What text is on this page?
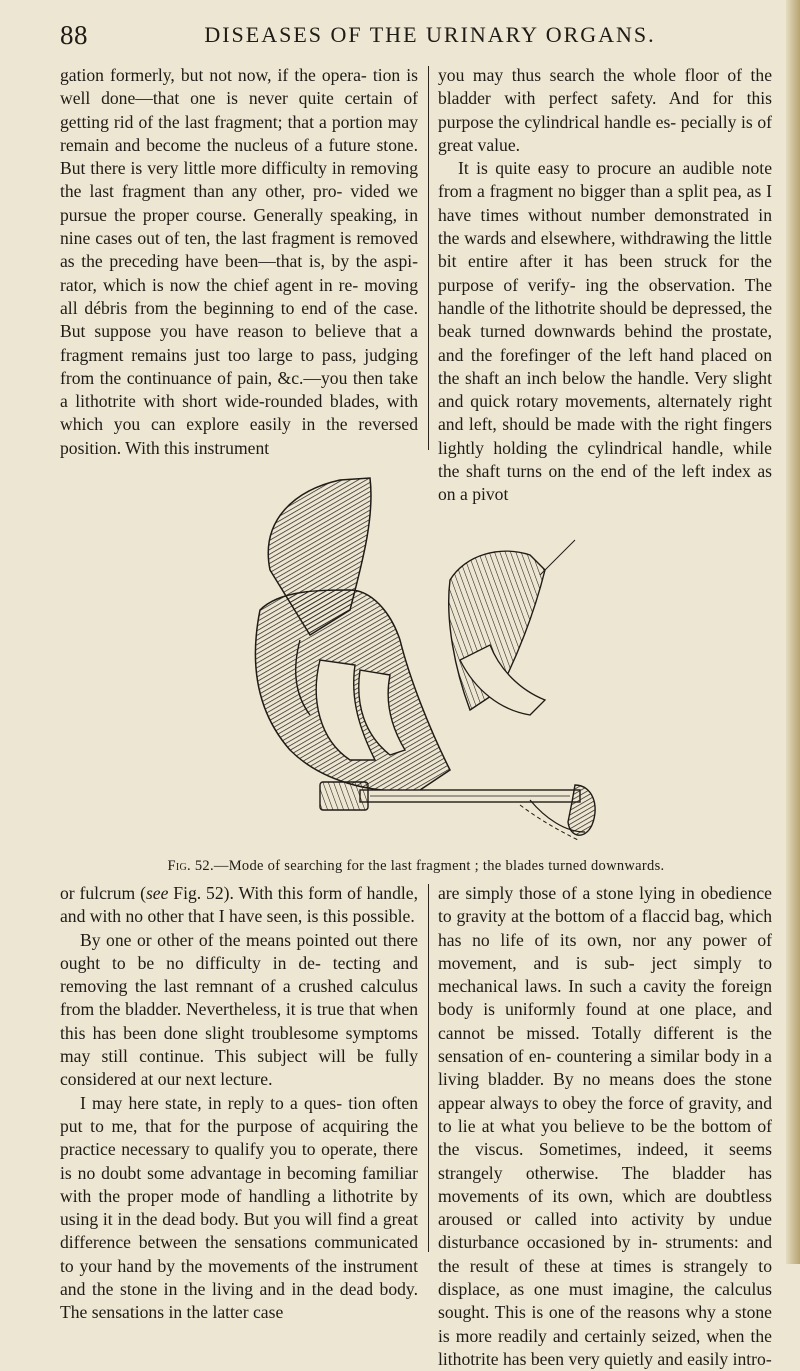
88	DISEASES OF THE URINARY ORGANS.

gation formerly, but not now, if the opera- tion is well done—that one is never quite certain of getting rid of the last fragment; that a portion may remain and become the nucleus of a future stone. But there is very little more difficulty in removing the last fragment than any other, pro- vided we pursue the proper course. Generally speaking, in nine cases out of ten, the last fragment is removed as the preceding have been—that is, by the aspi- rator, which is now the chief agent in re- moving all débris from the beginning to end of the case. But suppose you have reason to believe that a fragment remains just too large to pass, judging from the continuance of pain, &c.—you then take a lithotrite with short wide-rounded blades, with which you can explore easily in the reversed position. With this instrument

you may thus search the whole floor of the bladder with perfect safety. And for this purpose the cylindrical handle es- pecially is of great value.

It is quite easy to procure an audible note from a fragment no bigger than a split pea, as I have times without number demonstrated in the wards and elsewhere, withdrawing the little bit entire after it has been struck for the purpose of verify- ing the observation. The handle of the lithotrite should be depressed, the beak turned downwards behind the prostate, and the forefinger of the left hand placed on the shaft an inch below the handle. Very slight and quick rotary movements, alternately right and left, should be made with the right fingers lightly holding the cylindrical handle, while the shaft turns on the end of the left index as on a pivot

Fig. 52.—Mode of searching for the last fragment ; the blades turned downwards.

or fulcrum (see Fig. 52). With this form of handle, and with no other that I have seen, is this possible.

By one or other of the means pointed out there ought to be no difficulty in de- tecting and removing the last remnant of a crushed calculus from the bladder. Nevertheless, it is true that when this has been done slight troublesome symptoms may still continue. This subject will be fully considered at our next lecture.

I may here state, in reply to a ques- tion often put to me, that for the purpose of acquiring the practice necessary to qualify you to operate, there is no doubt some advantage in becoming familiar with the proper mode of handling a lithotrite by using it in the dead body. But you will find a great difference between the sensations communicated to your hand by the movements of the instrument and the stone in the living and in the dead body. The sensations in the latter case

are simply those of a stone lying in obedience to gravity at the bottom of a flaccid bag, which has no life of its own, nor any power of movement, and is sub- ject simply to mechanical laws. In such a cavity the foreign body is uniformly found at one place, and cannot be missed. Totally different is the sensation of en- countering a similar body in a living bladder. By no means does the stone appear always to obey the force of gravity, and to lie at what you believe to be the bottom of the viscus. Sometimes, indeed, it seems strangely otherwise. The bladder has movements of its own, which are doubtless aroused or called into activity by undue disturbance occasioned by in- struments: and the result of these at times is strangely to displace, as one must imagine, the calculus sought. This is one of the reasons why a stone is more readily and certainly seized, when the lithotrite has been very quietly and easily intro-
